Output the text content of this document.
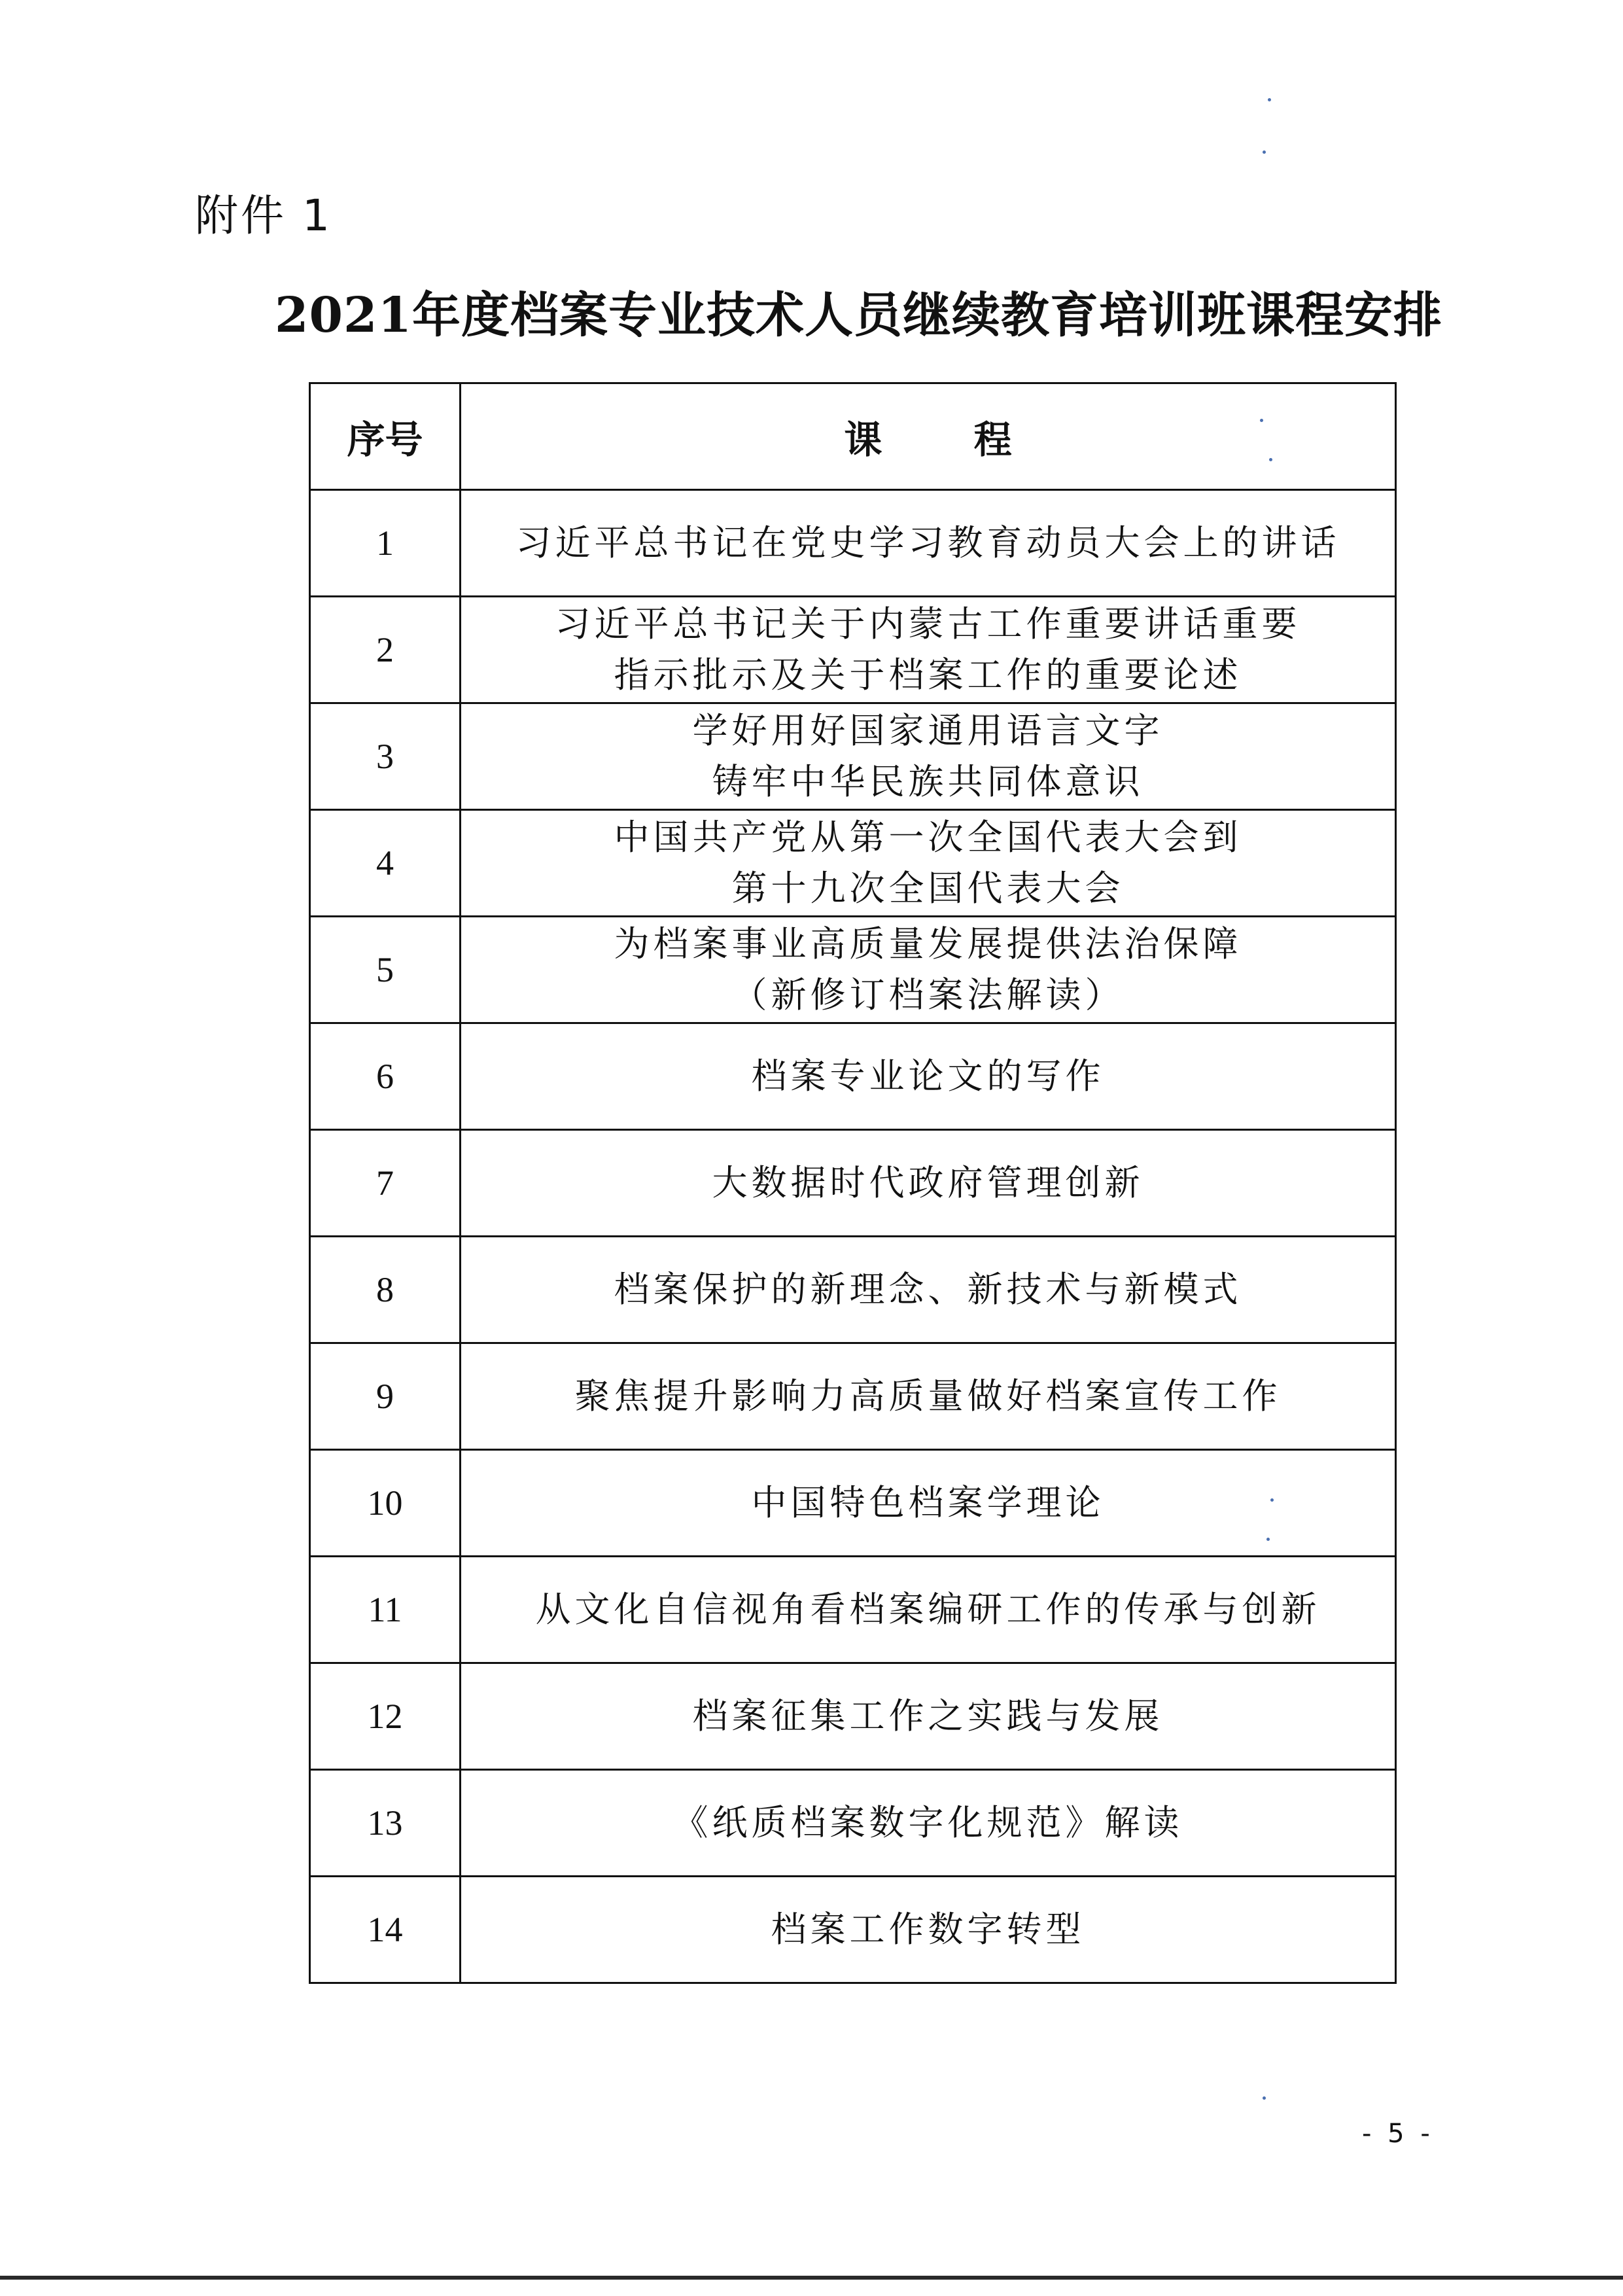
附件 1
2021年度档案专业技术人员继续教育培训班课程安排
序号	课 程
1	习近平总书记在党史学习教育动员大会上的讲话

2	习近平总书记关于内蒙古工作重要讲话重要
指示批示及关于档案工作的重要论述

3	学好用好国家通用语言文字
铸牢中华民族共同体意识

4	中国共产党从第一次全国代表大会到
第十九次全国代表大会

5	为档案事业高质量发展提供法治保障
（新修订档案法解读）

6	档案专业论文的写作

7	大数据时代政府管理创新

8	档案保护的新理念、新技术与新模式

9	聚焦提升影响力高质量做好档案宣传工作

10	中国特色档案学理论

11	从文化自信视角看档案编研工作的传承与创新

12	档案征集工作之实践与发展

13	《纸质档案数字化规范》解读

14	档案工作数字转型
- 5 -
